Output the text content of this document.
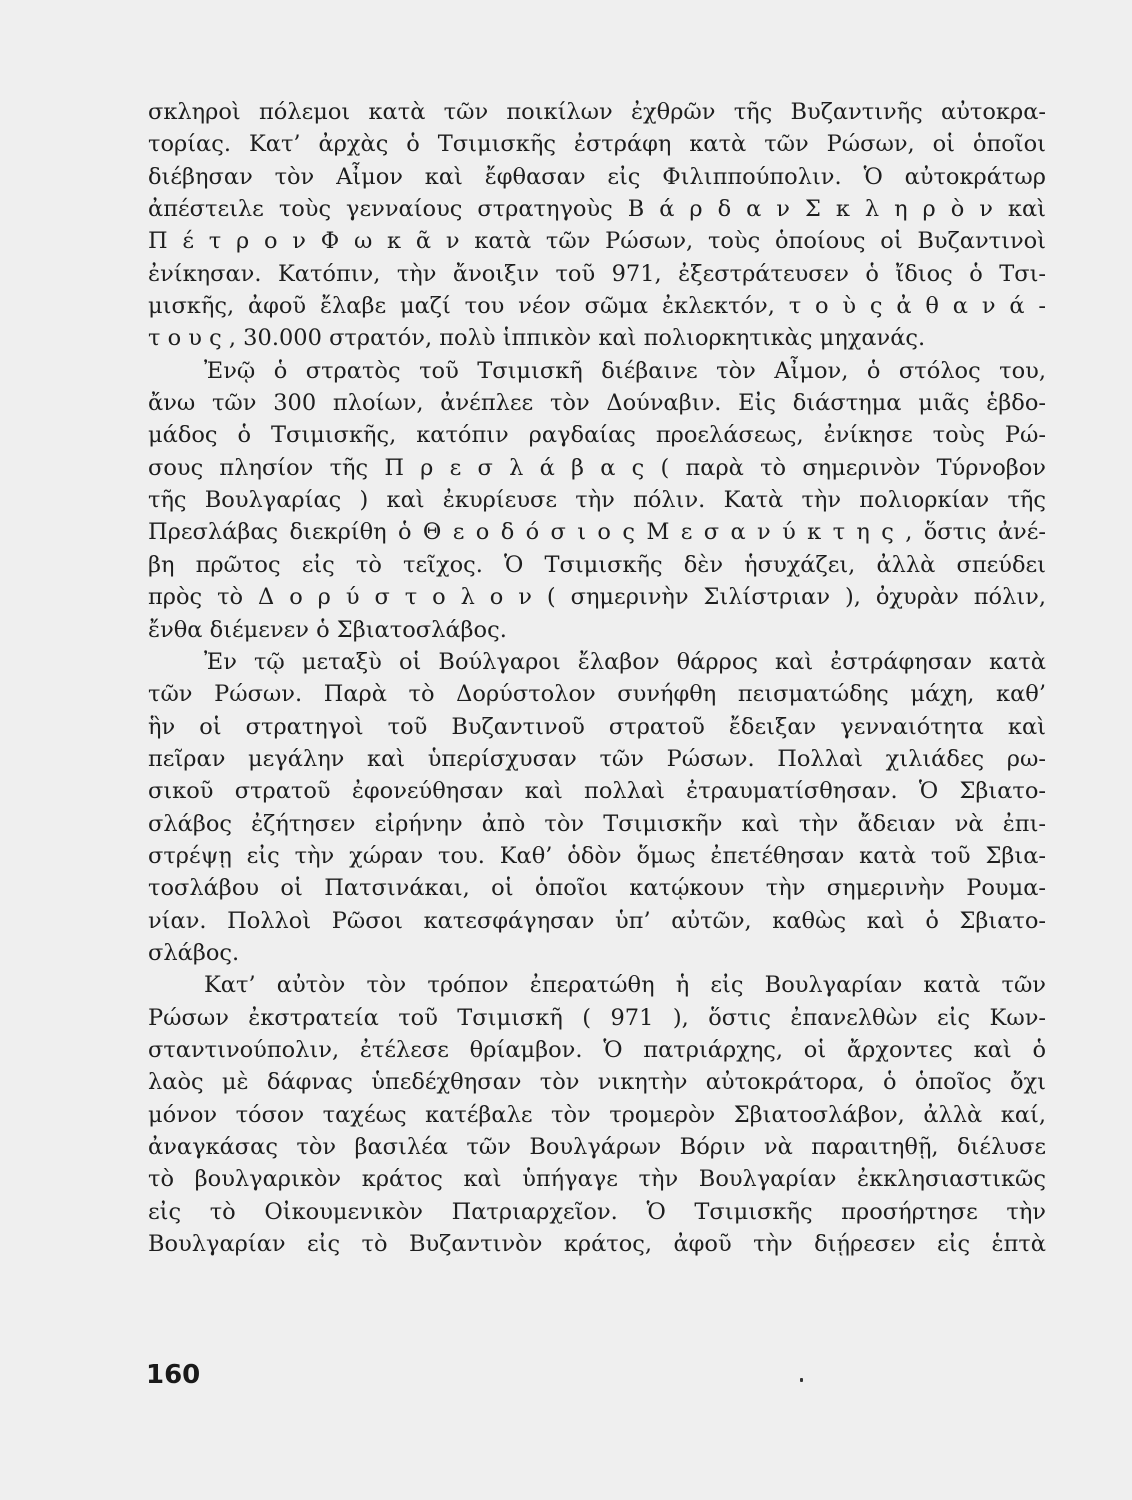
σκληροὶ πόλεμοι κατὰ τῶν ποικίλων ἐχθρῶν τῆς Βυζαντινῆς αὐτοκρα-
τορίας. Κατ’ ἀρχὰς ὁ Τσιμισκῆς ἐστράφη κατὰ τῶν Ρώσων, οἱ ὁποῖοι
διέβησαν τὸν Αἶμον καὶ ἔφθασαν εἰς Φιλιππούπολιν. Ὁ αὐτοκράτωρ
ἀπέστειλε τοὺς γενναίους στρατηγοὺς Β ά ρ δ α ν Σ κ λ η ρ ὸ ν καὶ
Π έ τ ρ ο ν Φ ω κ ᾶ ν κατὰ τῶν Ρώσων, τοὺς ὁποίους οἱ Βυζαντινοὶ
ἐνίκησαν. Κατόπιν, τὴν ἄνοιξιν τοῦ 971, ἐξεστράτευσεν ὁ ἴδιος ὁ Τσι-
μισκῆς, ἀφοῦ ἔλαβε μαζί του νέον σῶμα ἐκλεκτόν, τ ο ὺ ς ἀ θ α ν ά -
τ ο υ ς , 30.000 στρατόν, πολὺ ἱππικὸν καὶ πολιορκητικὰς μηχανάς.
Ἐνῷ ὁ στρατὸς τοῦ Τσιμισκῆ διέβαινε τὸν Αἶμον, ὁ στόλος του,
ἄνω τῶν 300 πλοίων, ἀνέπλεε τὸν Δούναβιν. Εἰς διάστημα μιᾶς ἑβδο-
μάδος ὁ Τσιμισκῆς, κατόπιν ραγδαίας προελάσεως, ἐνίκησε τοὺς Ρώ-
σους πλησίον τῆς Π ρ ε σ λ ά β α ς ( παρὰ τὸ σημερινὸν Τύρνοβον
τῆς Βουλγαρίας ) καὶ ἐκυρίευσε τὴν πόλιν. Κατὰ τὴν πολιορκίαν τῆς
Πρεσλάβας διεκρίθη ὁ Θ ε ο δ ό σ ι ο ς Μ ε σ α ν ύ κ τ η ς , ὅστις ἀνέ-
βη πρῶτος εἰς τὸ τεῖχος. Ὁ Τσιμισκῆς δὲν ἡσυχάζει, ἀλλὰ σπεύδει
πρὸς τὸ Δ ο ρ ύ σ τ ο λ ο ν ( σημερινὴν Σιλίστριαν ), ὀχυρὰν πόλιν,
ἔνθα διέμενεν ὁ Σβιατοσλάβος.
Ἐν τῷ μεταξὺ οἱ Βούλγαροι ἔλαβον θάρρος καὶ ἐστράφησαν κατὰ
τῶν Ρώσων. Παρὰ τὸ Δορύστολον συνήφθη πεισματώδης μάχη, καθ’
ἣν οἱ στρατηγοὶ τοῦ Βυζαντινοῦ στρατοῦ ἔδειξαν γενναιότητα καὶ
πεῖραν μεγάλην καὶ ὑπερίσχυσαν τῶν Ρώσων. Πολλαὶ χιλιάδες ρω-
σικοῦ στρατοῦ ἐφονεύθησαν καὶ πολλαὶ ἐτραυματίσθησαν. Ὁ Σβιατο-
σλάβος ἐζήτησεν εἰρήνην ἀπὸ τὸν Τσιμισκῆν καὶ τὴν ἄδειαν νὰ ἐπι-
στρέψῃ εἰς τὴν χώραν του. Καθ’ ὁδὸν ὅμως ἐπετέθησαν κατὰ τοῦ Σβια-
τοσλάβου οἱ Πατσινάκαι, οἱ ὁποῖοι κατῴκουν τὴν σημερινὴν Ρουμα-
νίαν. Πολλοὶ Ρῶσοι κατεσφάγησαν ὑπ’ αὐτῶν, καθὼς καὶ ὁ Σβιατο-
σλάβος.
Κατ’ αὐτὸν τὸν τρόπον ἐπερατώθη ἡ εἰς Βουλγαρίαν κατὰ τῶν
Ρώσων ἐκστρατεία τοῦ Τσιμισκῆ ( 971 ), ὅστις ἐπανελθὼν εἰς Κων-
σταντινούπολιν, ἐτέλεσε θρίαμβον. Ὁ πατριάρχης, οἱ ἄρχοντες καὶ ὁ
λαὸς μὲ δάφνας ὑπεδέχθησαν τὸν νικητὴν αὐτοκράτορα, ὁ ὁποῖος ὄχι
μόνον τόσον ταχέως κατέβαλε τὸν τρομερὸν Σβιατοσλάβον, ἀλλὰ καί,
ἀναγκάσας τὸν βασιλέα τῶν Βουλγάρων Βόριν νὰ παραιτηθῇ, διέλυσε
τὸ βουλγαρικὸν κράτος καὶ ὑπήγαγε τὴν Βουλγαρίαν ἐκκλησιαστικῶς
εἰς τὸ Οἰκουμενικὸν Πατριαρχεῖον. Ὁ Τσιμισκῆς προσήρτησε τὴν
Βουλγαρίαν εἰς τὸ Βυζαντινὸν κράτος, ἀφοῦ τὴν διῄρεσεν εἰς ἑπτὰ
160
